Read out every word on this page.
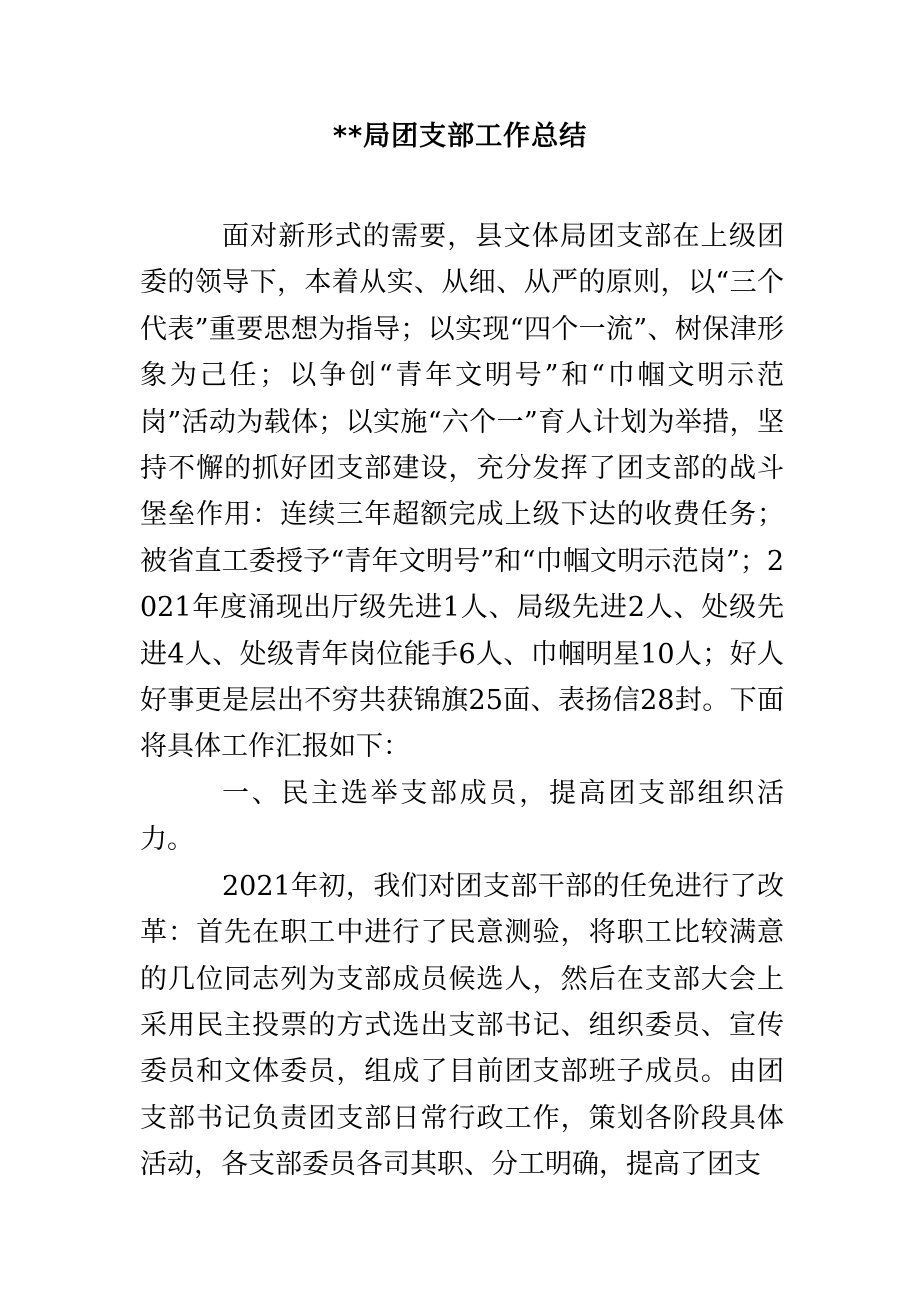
**局团支部工作总结

面对新形式的需要，县文体局团支部在上级团委的领导下，本着从实、从细、从严的原则，以“三个代表”重要思想为指导；以实现“四个一流”、树保津形象为己任；以争创“青年文明号”和“巾帼文明示范岗”活动为载体；以实施“六个一”育人计划为举措，坚持不懈的抓好团支部建设，充分发挥了团支部的战斗堡垒作用：连续三年超额完成上级下达的收费任务；被省直工委授予“青年文明号”和“巾帼文明示范岗”；2021年度涌现出厅级先进1人、局级先进2人、处级先进4人、处级青年岗位能手6人、巾帼明星10人；好人好事更是层出不穷共获锦旗25面、表扬信28封。下面将具体工作汇报如下：

一、民主选举支部成员，提高团支部组织活力。

2021年初，我们对团支部干部的任免进行了改革：首先在职工中进行了民意测验，将职工比较满意的几位同志列为支部成员候选人，然后在支部大会上采用民主投票的方式选出支部书记、组织委员、宣传委员和文体委员，组成了目前团支部班子成员。由团支部书记负责团支部日常行政工作，策划各阶段具体活动，各支部委员各司其职、分工明确，提高了团支
